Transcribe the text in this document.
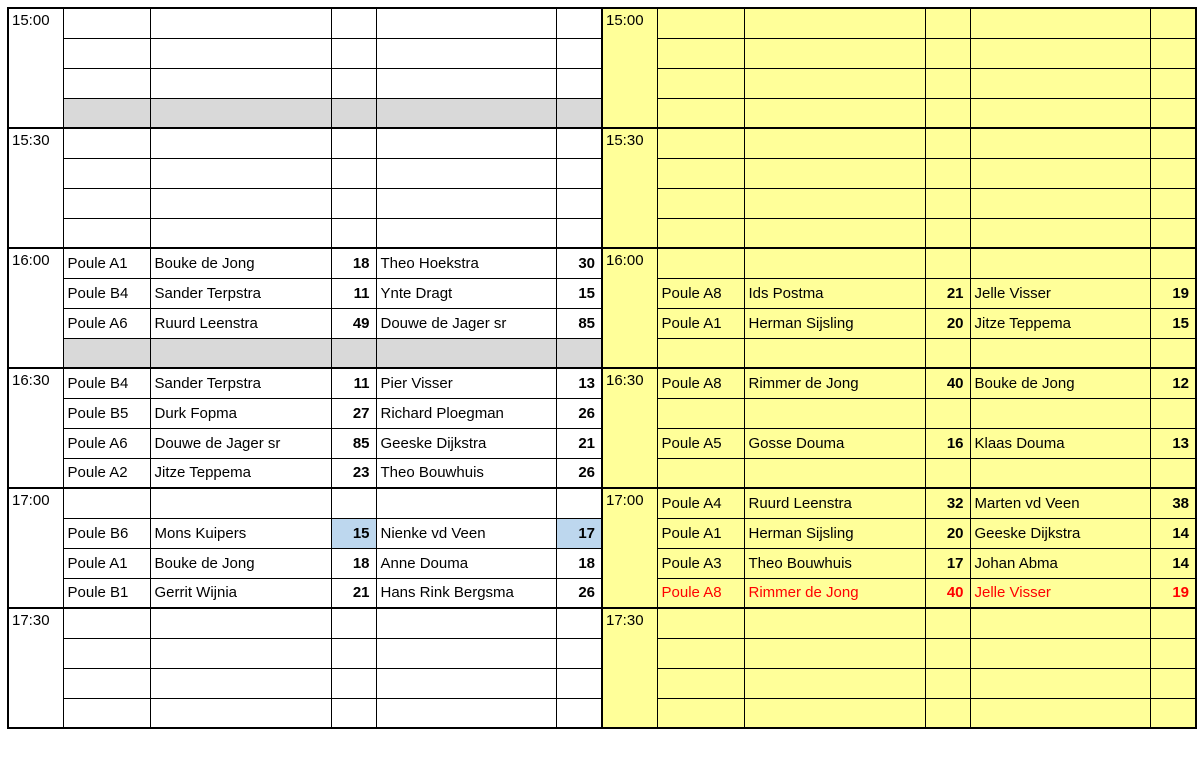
15:00					

15:30					

16:00	Poule A1	Bouke de Jong	18	Theo Hoekstra	30
	Poule B4	Sander Terpstra	11	Ynte Dragt	15
	Poule A6	Ruurd Leenstra	49	Douwe de Jager sr	85

16:30	Poule B4	Sander Terpstra	11	Pier Visser	13
	Poule B5	Durk Fopma	27	Richard Ploegman	26
	Poule A6	Douwe de Jager sr	85	Geeske Dijkstra	21
	Poule A2	Jitze Teppema	23	Theo Bouwhuis	26
17:00					
	Poule B6	Mons Kuipers	15	Nienke vd Veen	17
	Poule A1	Bouke de Jong	18	Anne Douma	18
	Poule B1	Gerrit Wijnia	21	Hans Rink Bergsma	26
17:30					

15:00					

15:30					

16:00					
	Poule A8	Ids Postma	21	Jelle Visser	19
	Poule A1	Herman Sijsling	20	Jitze Teppema	15

16:30	Poule A8	Rimmer de Jong	40	Bouke de Jong	12

	Poule A5	Gosse Douma	16	Klaas Douma	13

17:00	Poule A4	Ruurd Leenstra	32	Marten vd Veen	38
	Poule A1	Herman Sijsling	20	Geeske Dijkstra	14
	Poule A3	Theo Bouwhuis	17	Johan Abma	14
	Poule A8	Rimmer de Jong	40	Jelle Visser	19
17:30					
